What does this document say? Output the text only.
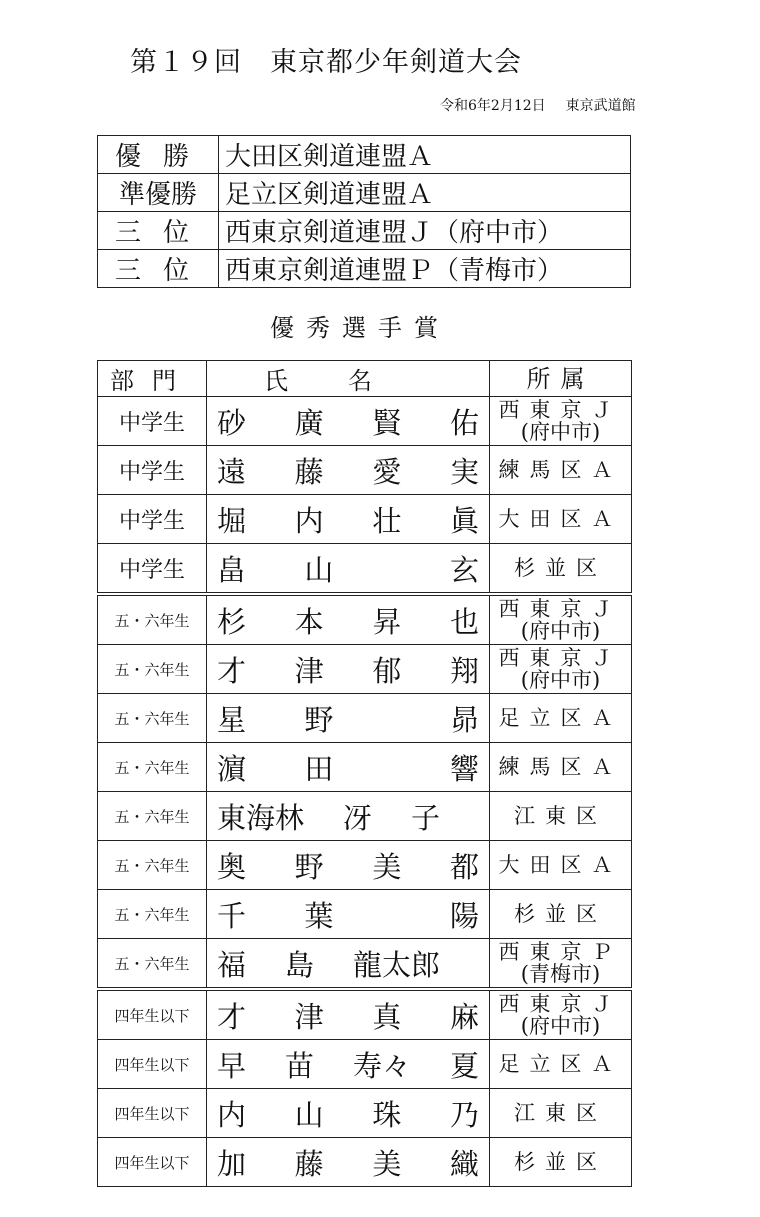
第１９回　東京都少年剣道大会
令和6年2月12日 東京武道館
優勝	大田区剣道連盟Ａ
準優勝	足立区剣道連盟Ａ
三位	西東京剣道連盟Ｊ（府中市）
三位	西東京剣道連盟Ｐ（青梅市）
優秀選手賞
部門	氏名	所属
中学生	砂 廣 賢 佑	西東京Ｊ
(府中市)

中学生	遠 藤 愛 実	練馬区Ａ

中学生	堀 内 壮 眞	大田区Ａ

中学生	畠 山 玄	杉並区

五・六年生	杉 本 昇 也	西東京Ｊ
(府中市)

五・六年生	才 津 郁 翔	西東京Ｊ
(府中市)

五・六年生	星 野 昴	足立区Ａ

五・六年生	濵 田 響	練馬区Ａ

五・六年生	東海林 冴 子	江東区

五・六年生	奥 野 美 都	大田区Ａ

五・六年生	千 葉 陽	杉並区

五・六年生	福 島 龍太郎	西東京Ｐ
(青梅市)

四年生以下	才 津 真 麻	西東京Ｊ
(府中市)

四年生以下	早 苗 寿々 夏	足立区Ａ

四年生以下	内 山 珠 乃	江東区

四年生以下	加 藤 美 織	杉並区
